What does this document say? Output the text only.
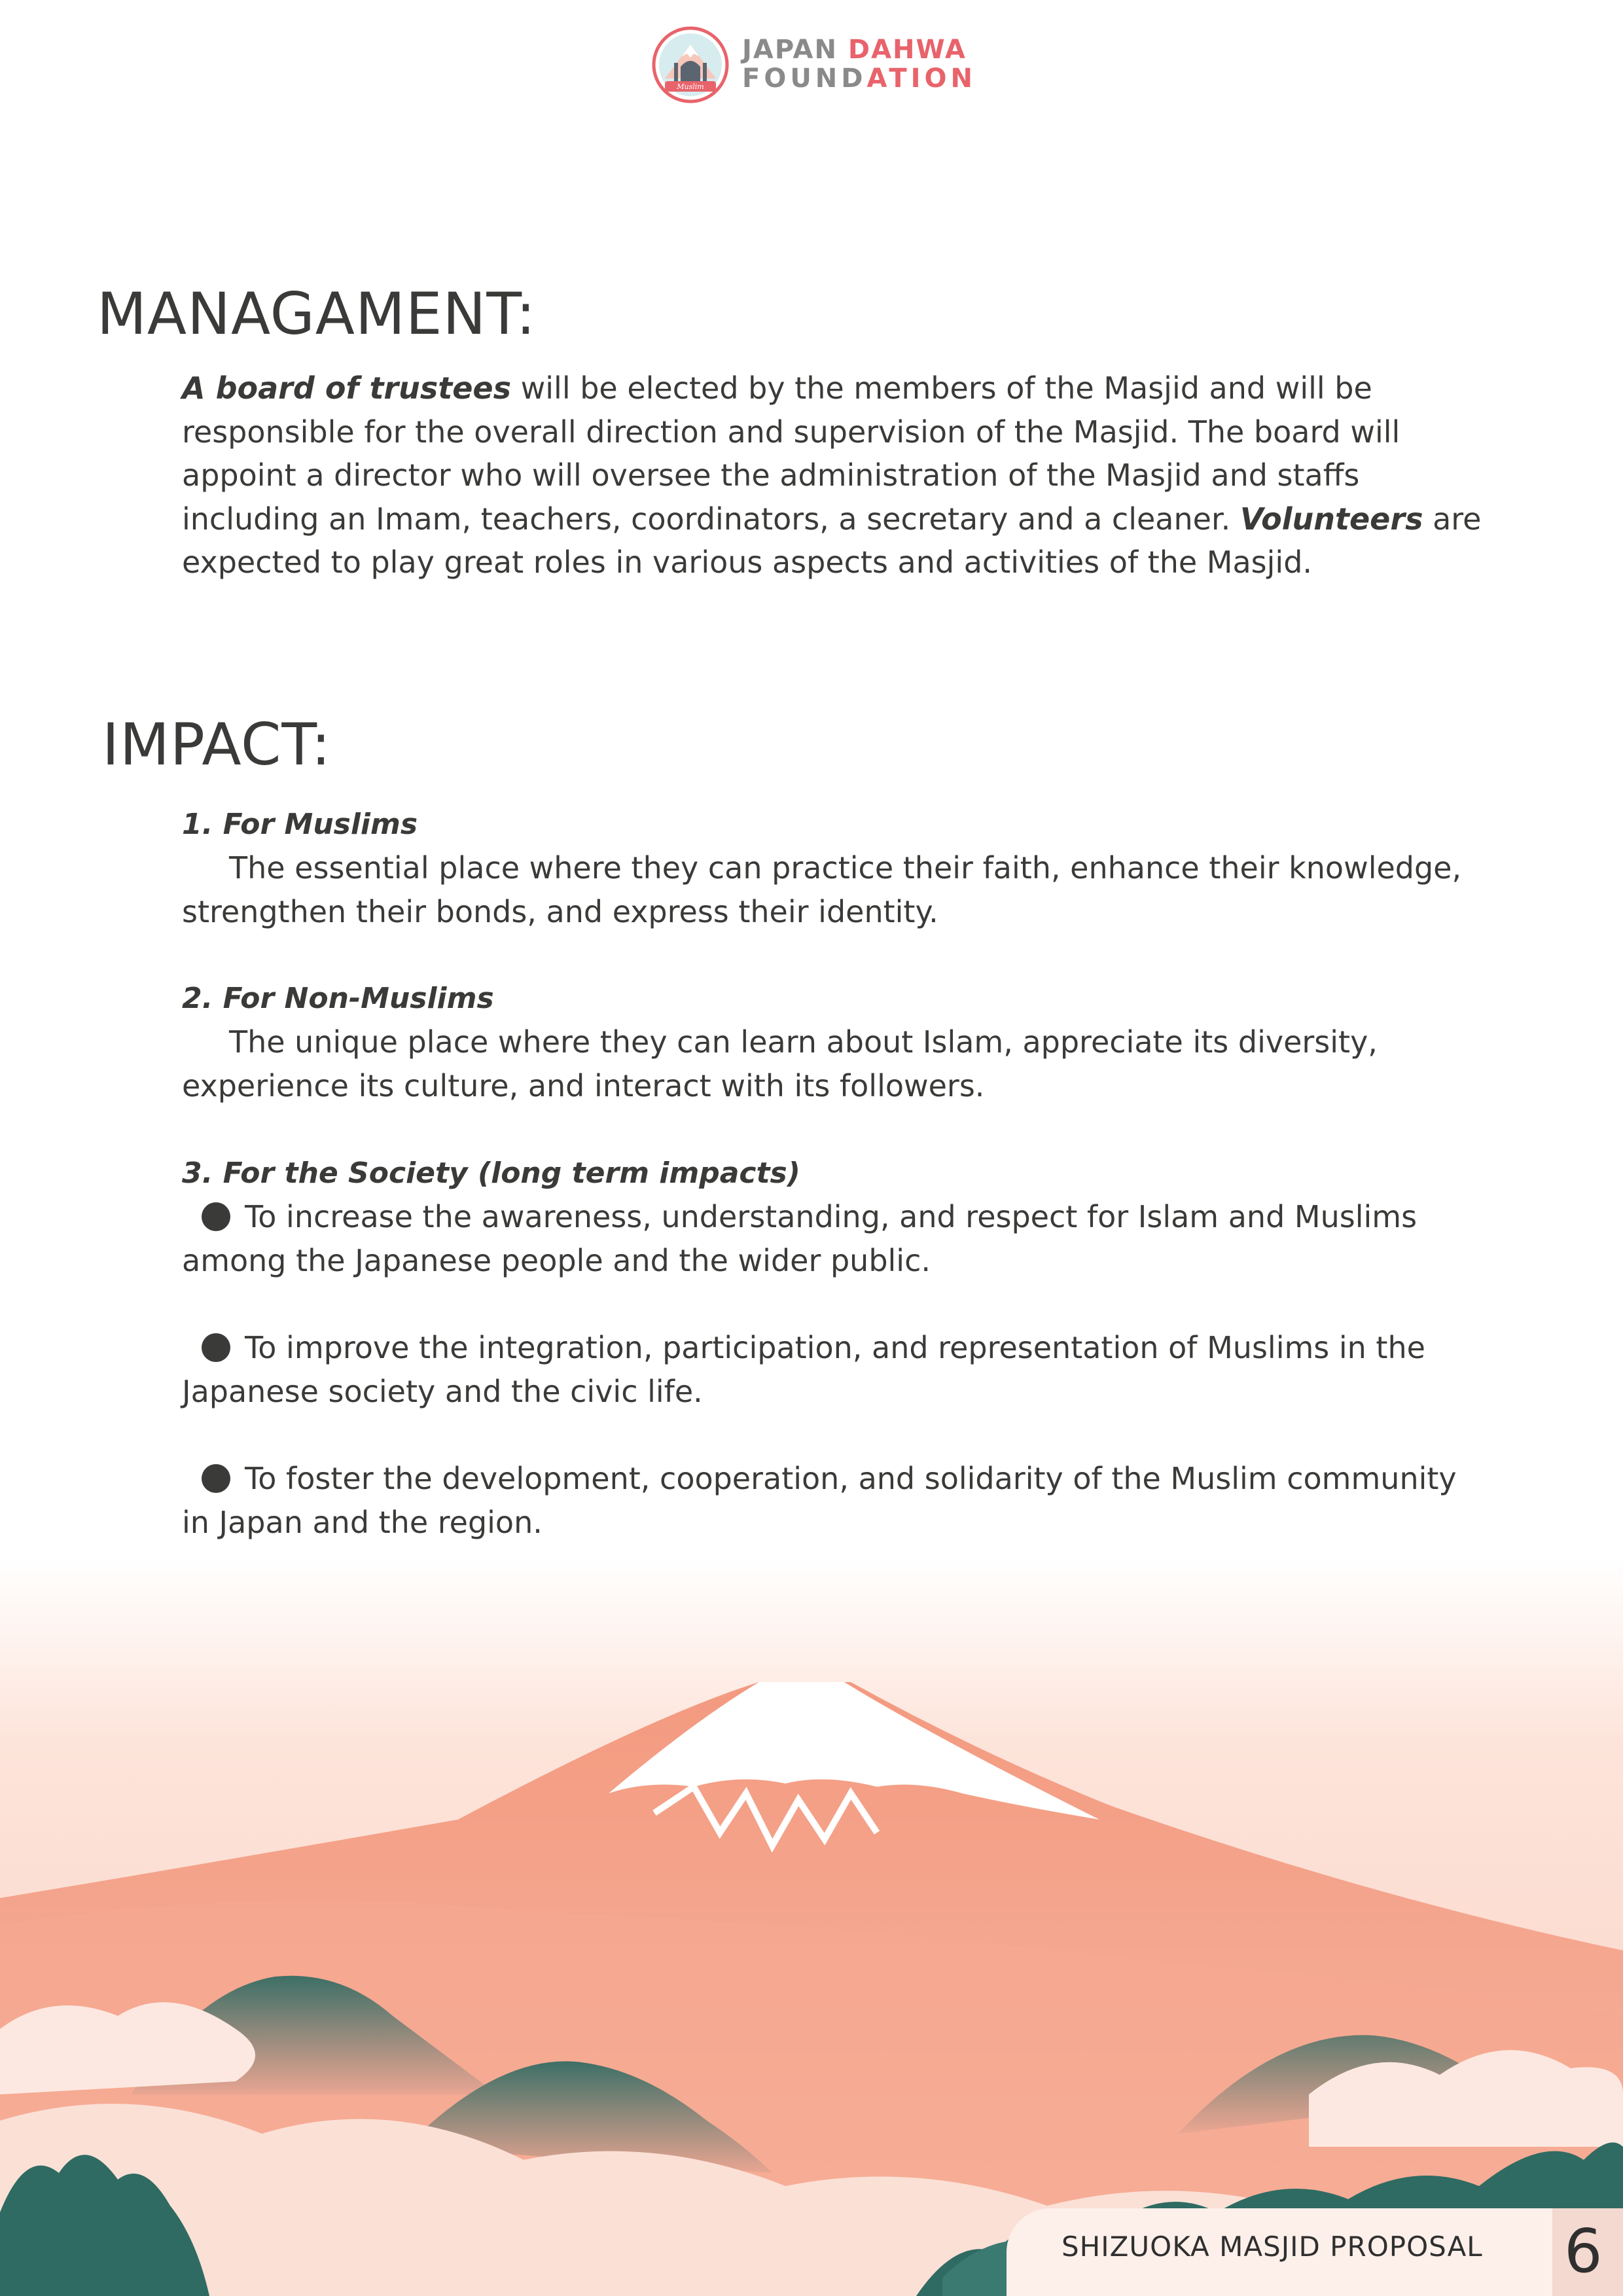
Muslim
JAPAN DAHWA
FOUNDATION
MANAGAMENT:
A board of trustees will be elected by the members of the Masjid and will be responsible for the overall direction and supervision of the Masjid. The board will appoint a director who will oversee the administration of the Masjid and staffs including an Imam, teachers, coordinators, a secretary and a cleaner. Volunteers are expected to play great roles in various aspects and activities of the Masjid.
IMPACT:
1. For Muslims
The essential place where they can practice their faith, enhance their knowledge, strengthen their bonds, and express their identity.
2. For Non-Muslims
The unique place where they can learn about Islam, appreciate its diversity, experience its culture, and interact with its followers.
3. For the Society (long term impacts)
To increase the awareness, understanding, and respect for Islam and Muslims among the Japanese people and the wider public.
To improve the integration, participation, and representation of Muslims in the Japanese society and the civic life.
To foster the development, cooperation, and solidarity of the Muslim community in Japan and the region.
SHIZUOKA MASJID PROPOSAL 6
